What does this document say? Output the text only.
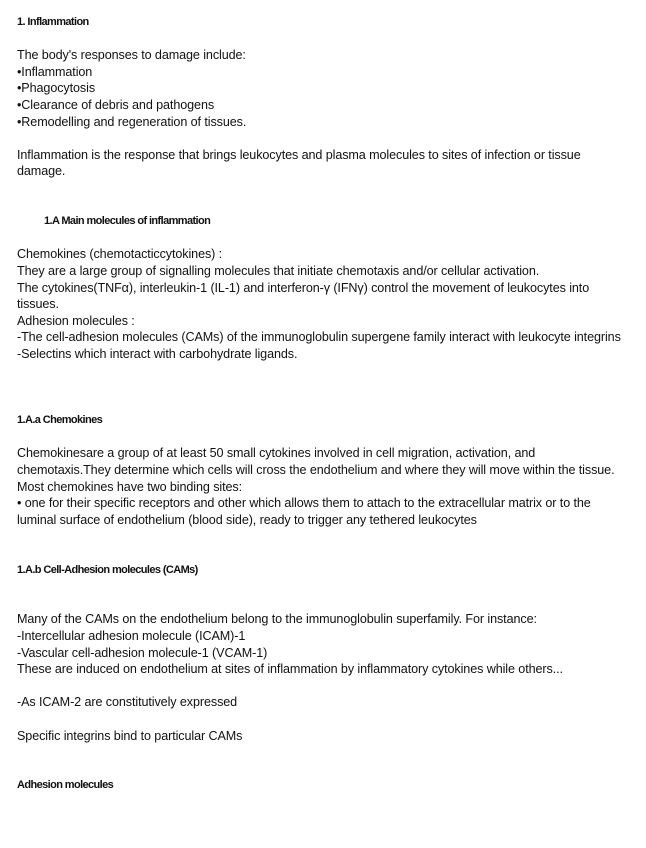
1. Inflammation
The body's responses to damage include:
•Inflammation
•Phagocytosis
•Clearance of debris and pathogens
•Remodelling and regeneration of tissues.
Inflammation is the response that brings leukocytes and plasma molecules to sites of infection or tissue damage.
1.A Main molecules of inflammation
Chemokines (chemotacticcytokines) :
They are a large group of signalling molecules that initiate chemotaxis and/or cellular activation.
The cytokines(TNFα), interleukin-1 (IL-1) and interferon-γ (IFNγ) control the movement of leukocytes into tissues.
Adhesion molecules :
-The cell-adhesion molecules (CAMs) of the immunoglobulin supergene family interact with leukocyte integrins
-Selectins which interact with carbohydrate ligands.
1.A.a Chemokines
Chemokinesare a group of at least 50 small cytokines involved in cell migration, activation, and chemotaxis.They determine which cells will cross the endothelium and where they will move within the tissue. Most chemokines have two binding sites:
• one for their specific receptors and other which allows them to attach to the extracellular matrix or to the luminal surface of endothelium (blood side), ready to trigger any tethered leukocytes
1.A.b Cell-Adhesion molecules (CAMs)
Many of the CAMs on the endothelium belong to the immunoglobulin superfamily. For instance:
-Intercellular adhesion molecule (ICAM)-1
-Vascular cell-adhesion molecule-1 (VCAM-1)
These are induced on endothelium at sites of inflammation by inflammatory cytokines while others...
-As ICAM-2 are constitutively expressed
Specific integrins bind to particular CAMs
Adhesion molecules
